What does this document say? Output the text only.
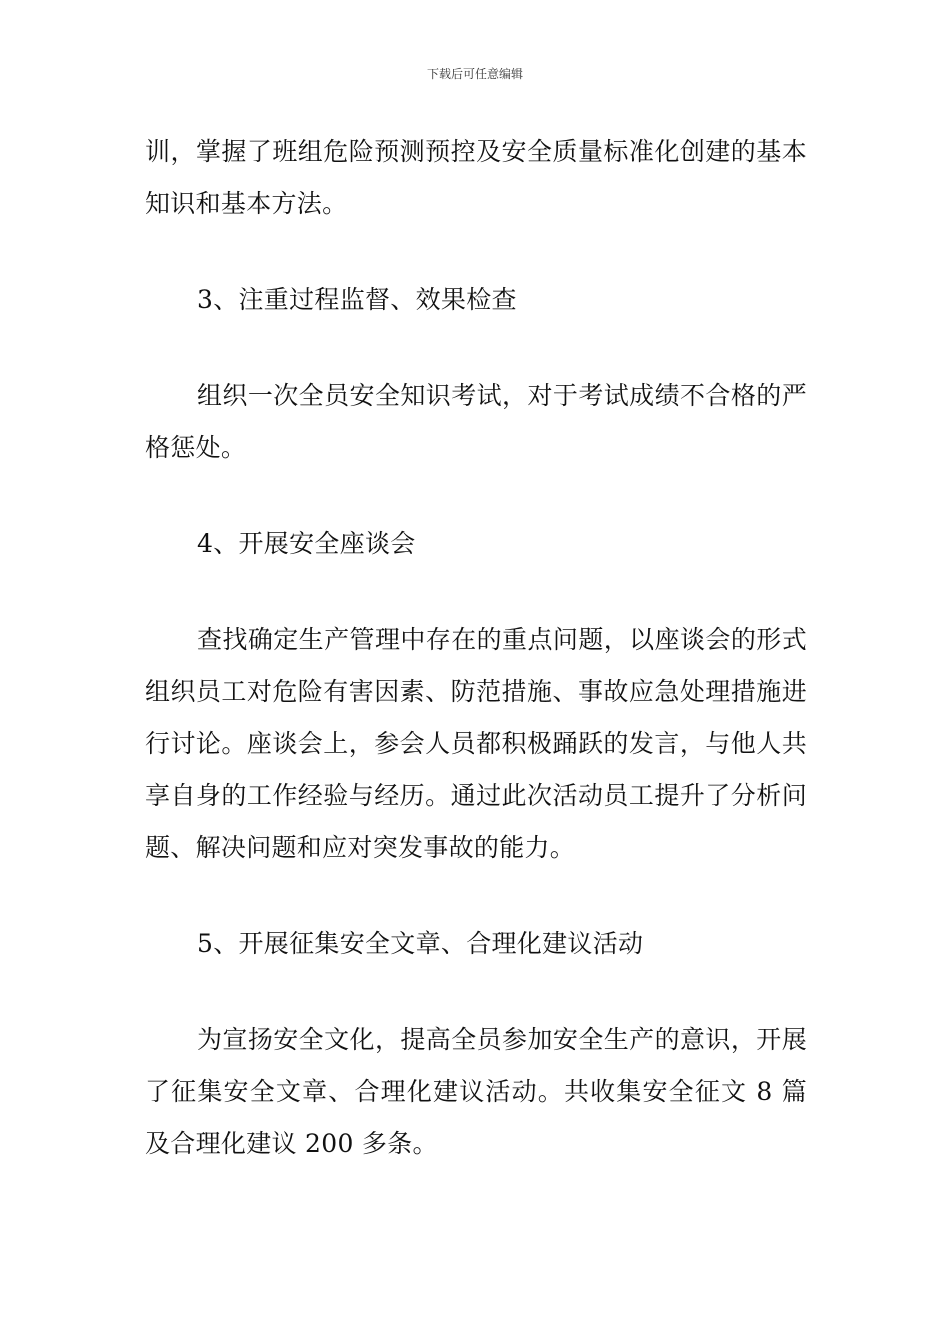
下载后可任意编辑

训，掌握了班组危险预测预控及安全质量标准化创建的基本知识和基本方法。

3、注重过程监督、效果检查

组织一次全员安全知识考试，对于考试成绩不合格的严格惩处。

4、开展安全座谈会

查找确定生产管理中存在的重点问题，以座谈会的形式组织员工对危险有害因素、防范措施、事故应急处理措施进行讨论。座谈会上，参会人员都积极踊跃的发言，与他人共享自身的工作经验与经历。通过此次活动员工提升了分析问题、解决问题和应对突发事故的能力。

5、开展征集安全文章、合理化建议活动

为宣扬安全文化，提高全员参加安全生产的意识，开展了征集安全文章、合理化建议活动。共收集安全征文 8 篇及合理化建议 200 多条。
